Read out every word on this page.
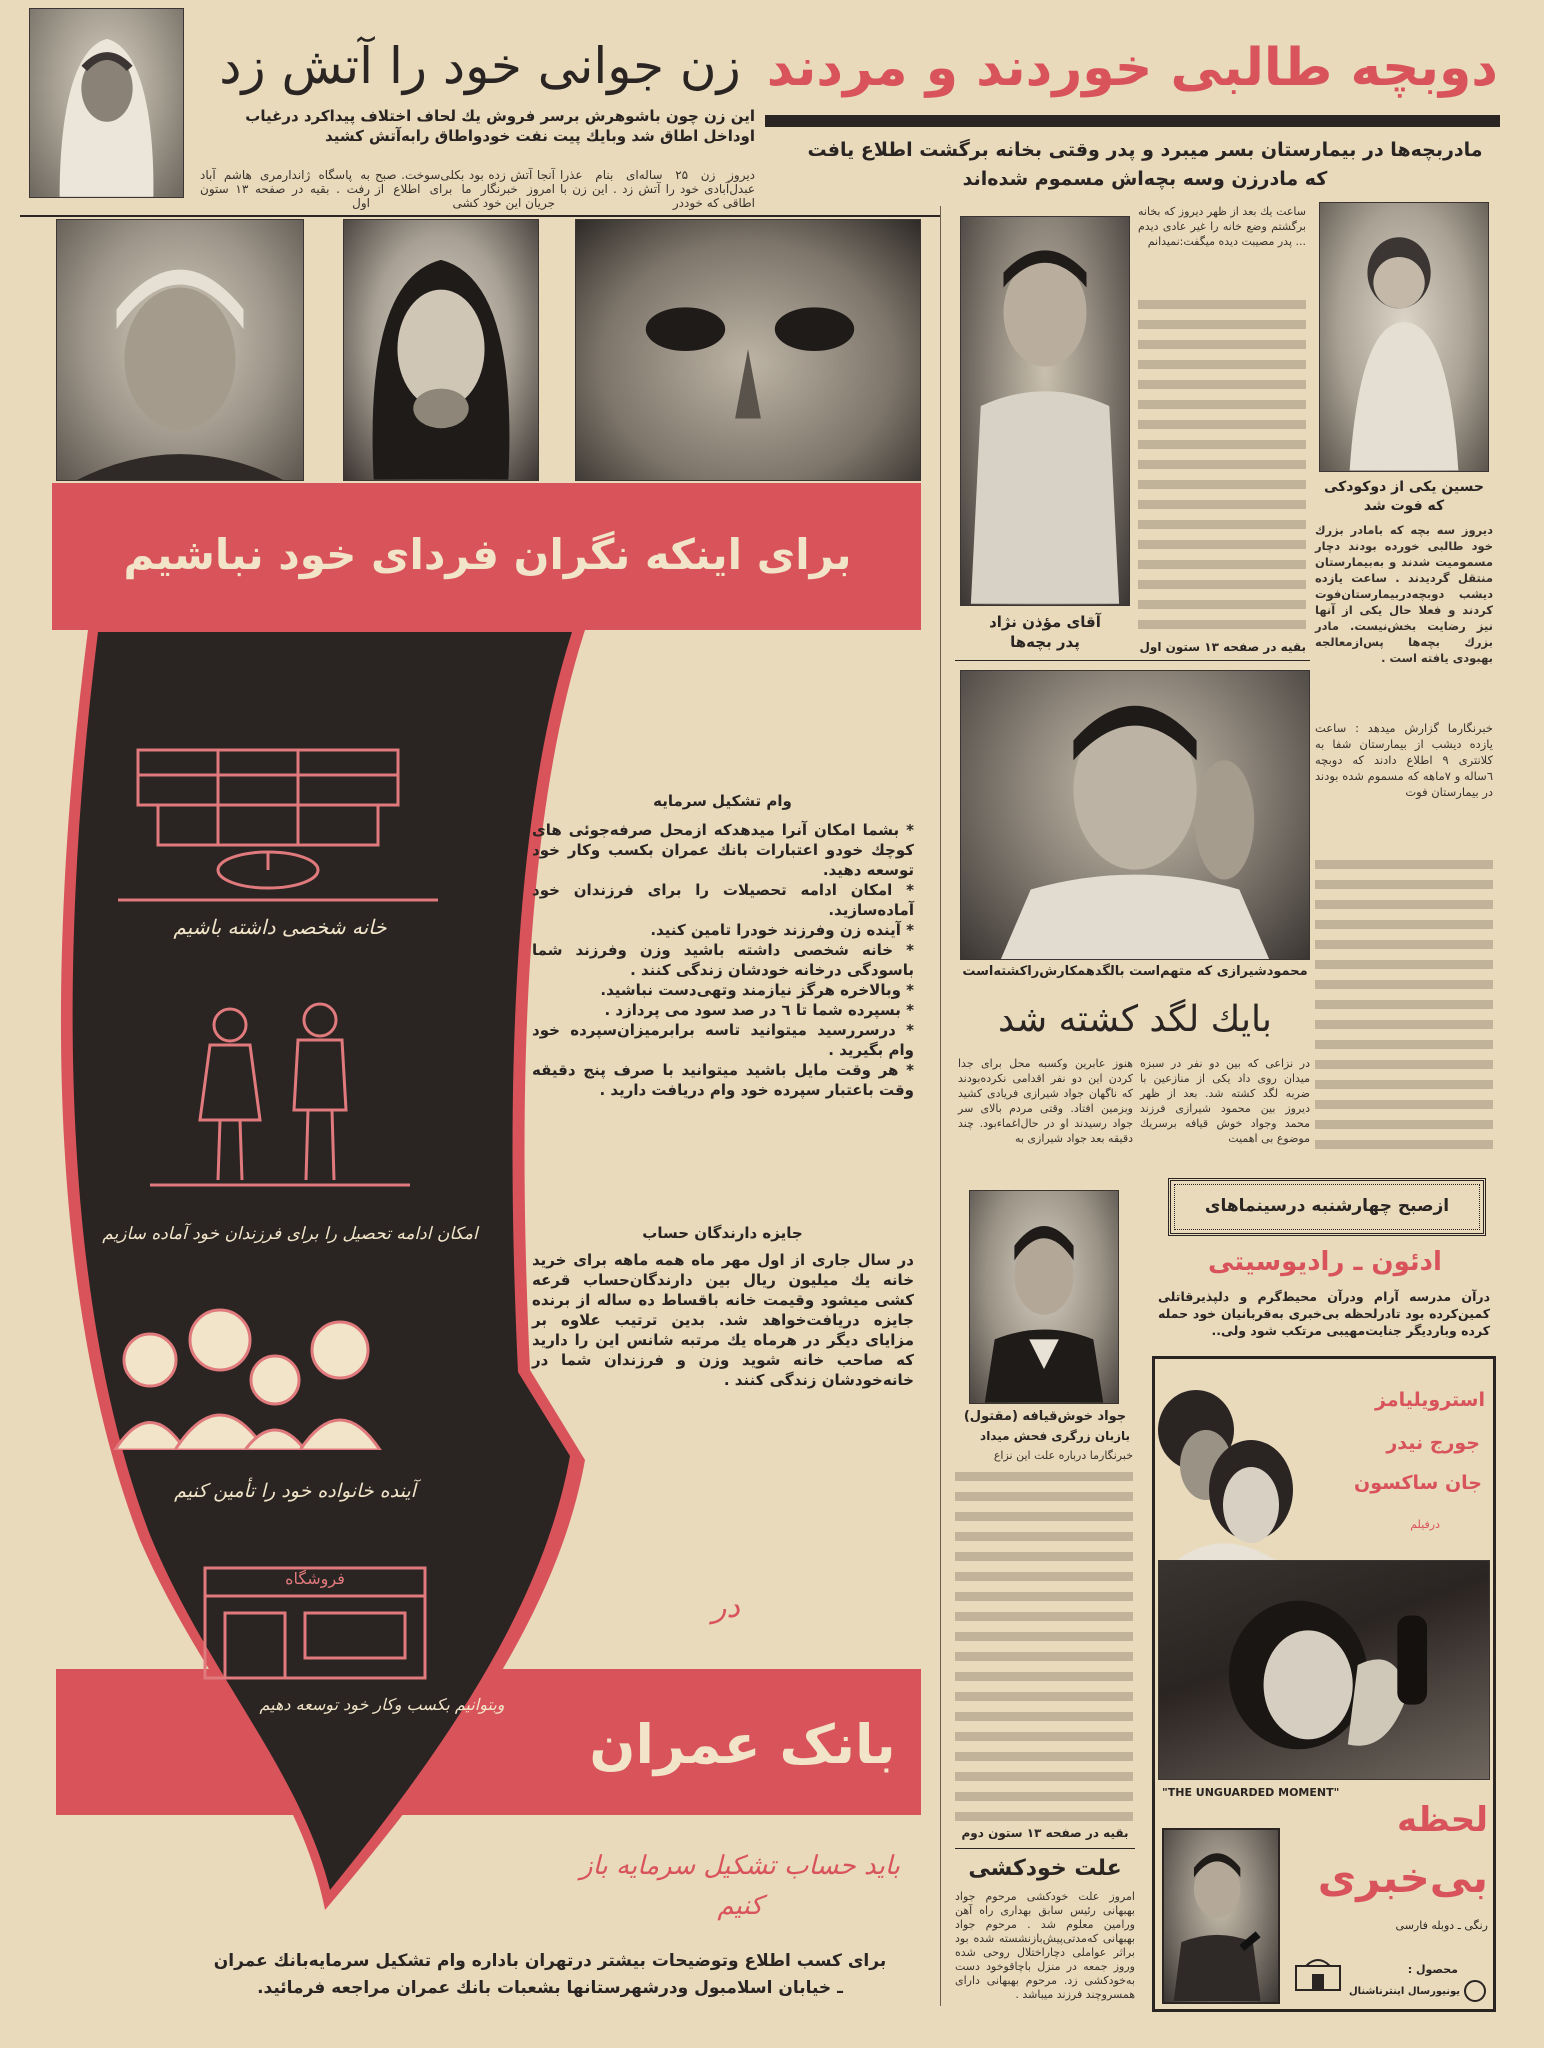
زن جوانی خود را آتش زد
این زن چون باشوهرش برسر فروش یك لحاف اختلاف پیداکرد درغیاب اوداخل اطاق شد وبایك پیت نفت خودواطاق رابه‌آتش کشید
دیروز زن ۲۵ ساله‌ای بنام عذرا عبدل‌آبادی خود را آتش زد . این زن با اطاقی که خوددر
آنجا آتش زده بود بکلی‌سوخت. صبح امروز خبرنگار ما برای اطلاع از جریان این خود کشی
به پاسگاه ژاندارمری هاشم آباد رفت . بقیه در صفحه ۱۳ ستون اول
دوبچه طالبی خوردند و مردند
مادربچه‌ها در بیمارستان بسر میبرد و پدر وقتی بخانه برگشت اطلاع یافت که مادرزن وسه بچه‌اش مسموم شده‌اند
آقای مؤذن نژاد
پدر بچه‌ها
ساعت یك بعد از ظهر دیروز که بخانه برگشتم وضع خانه را غیر عادی دیدم ... پدر مصیبت دیده میگفت:نمیدانم
بقیه در صفحه ۱۳ ستون اول
حسین یکی از دوکودکی که فوت شد
دیروز سه بچه که بامادر بزرك خود طالبی خورده بودند دچار مسمومیت شدند و به‌بیمارستان منتقل گردیدند . ساعت یازده دیشب دوبچه‌دربیمارستان‌فوت کردند و فعلا حال یکی از آنها نیز رضایت بخش‌نیست. مادر بزرك بچه‌ها پس‌ازمعالجه بهبودی یافته است .
خبرنگارما گزارش میدهد : ساعت یازده دیشب از بیمارستان شفا به کلانتری ۹ اطلاع دادند که دوبچه ٦ساله و ۷ماهه که مسموم شده بودند در بیمارستان فوت
محمودشیرازی که متهم‌است بالگدهمکارش‌راکشته‌است
بایك لگد کشته شد
در نزاعی که بین دو نفر در سبزه میدان روی داد یکی از منازعین با ضربه لگد کشته شد. بعد از ظهر دیروز بین محمود شیرازی فرزند محمد وجواد خوش قیافه برسریك موضوع بی اهمیت
هنوز عابرین وکسبه محل برای جدا کردن این دو نفر اقدامی نکرده‌بودند که ناگهان جواد شیرازی فریادی کشید وبزمین افتاد. وقتی مردم بالای سر جواد رسیدند او در حال‌اغماءبود. چند دقیقه بعد جواد شیرازی به
جواد خوش‌قیافه (مقتول)
بازبان زرگری فحش میداد
خبرنگارما درباره علت این نزاع
بقیه در صفحه ۱۳ ستون دوم
علت خودکشی
امروز علت خودکشی مرحوم جواد بهبهانی رئیس سابق بهداری راه آهن ورامین معلوم شد . مرحوم جواد بهبهانی که‌مدتی‌پیش‌بازنشسته شده بود براثر عواملی دچاراختلال روحی شده وروز جمعه در منزل باچاقوخود دست به‌خودکشی زد. مرحوم بهبهانی دارای همسروچند فرزند میباشد .
ازصبح چهارشنبه درسینماهای
ادئون ـ رادیوسیتی
درآن مدرسه آرام ودرآن محیط‌گرم و دلپذیرقاتلی کمین‌کرده بود تادرلحظه بی‌خبری به‌قربانیان خود حمله کرده وباردیگر جنایت‌مهیبی مرتکب شود ولی..
استرویلیامز
جورج نیدر
جان ساکسون
درفیلم
"THE UNGUARDED MOMENT"
لحظه
بی‌خبری
رنگی ـ دوبله فارسی
محصول :
یونیورسال اینترناشنال
برای اینکه نگران فردای خود نباشیم
خانه شخصی داشته باشیم
امکان ادامه تحصیل را برای فرزندان خود آماده سازیم
آینده خانواده خود را تأمین کنیم
فروشگاه
وبتوانیم بکسب وکار خود توسعه دهیم
در
بانک عمران
باید حساب تشکیل سرمایه باز کنیم
وام تشکیل سرمایه
* بشما امکان آنرا میدهدکه ازمحل صرفه‌جوئی های کوچك خودو اعتبارات بانك عمران بکسب وکار خود توسعه دهید.
* امکان ادامه تحصیلات را برای فرزندان خود آماده‌سازید.
* آینده زن وفرزند خودرا تامین کنید.
* خانه شخصی داشته باشید وزن وفرزند شما باسودگی درخانه خودشان زندگی کنند .
* وبالاخره هرگز نیازمند وتهی‌دست نباشید.
* بسپرده شما تا ٦ در صد سود می پردازد .
* درسررسید میتوانید تاسه برابرمیزان‌سپرده خود وام بگیرید .
* هر وقت مایل باشید میتوانید با صرف پنج دقیقه وقت باعتبار سپرده خود وام دریافت دارید .
جایزه دارندگان حساب
در سال جاری از اول مهر ماه همه ماهه برای خرید خانه یك میلیون ریال بین دارندگان‌حساب قرعه کشی میشود وقیمت خانه باقساط ده ساله از برنده جایزه دریافت‌خواهد شد. بدین ترتیب علاوه بر مزایای دیگر در هرماه یك مرتبه شانس این را دارید که صاحب خانه شوید وزن و فرزندان شما در خانه‌خودشان زندگی کنند .
برای کسب اطلاع وتوضیحات بیشتر درتهران باداره وام تشکیل سرمایه‌بانك عمران ـ خیابان اسلامبول ودرشهرستانها بشعبات بانك عمران مراجعه فرمائید.
